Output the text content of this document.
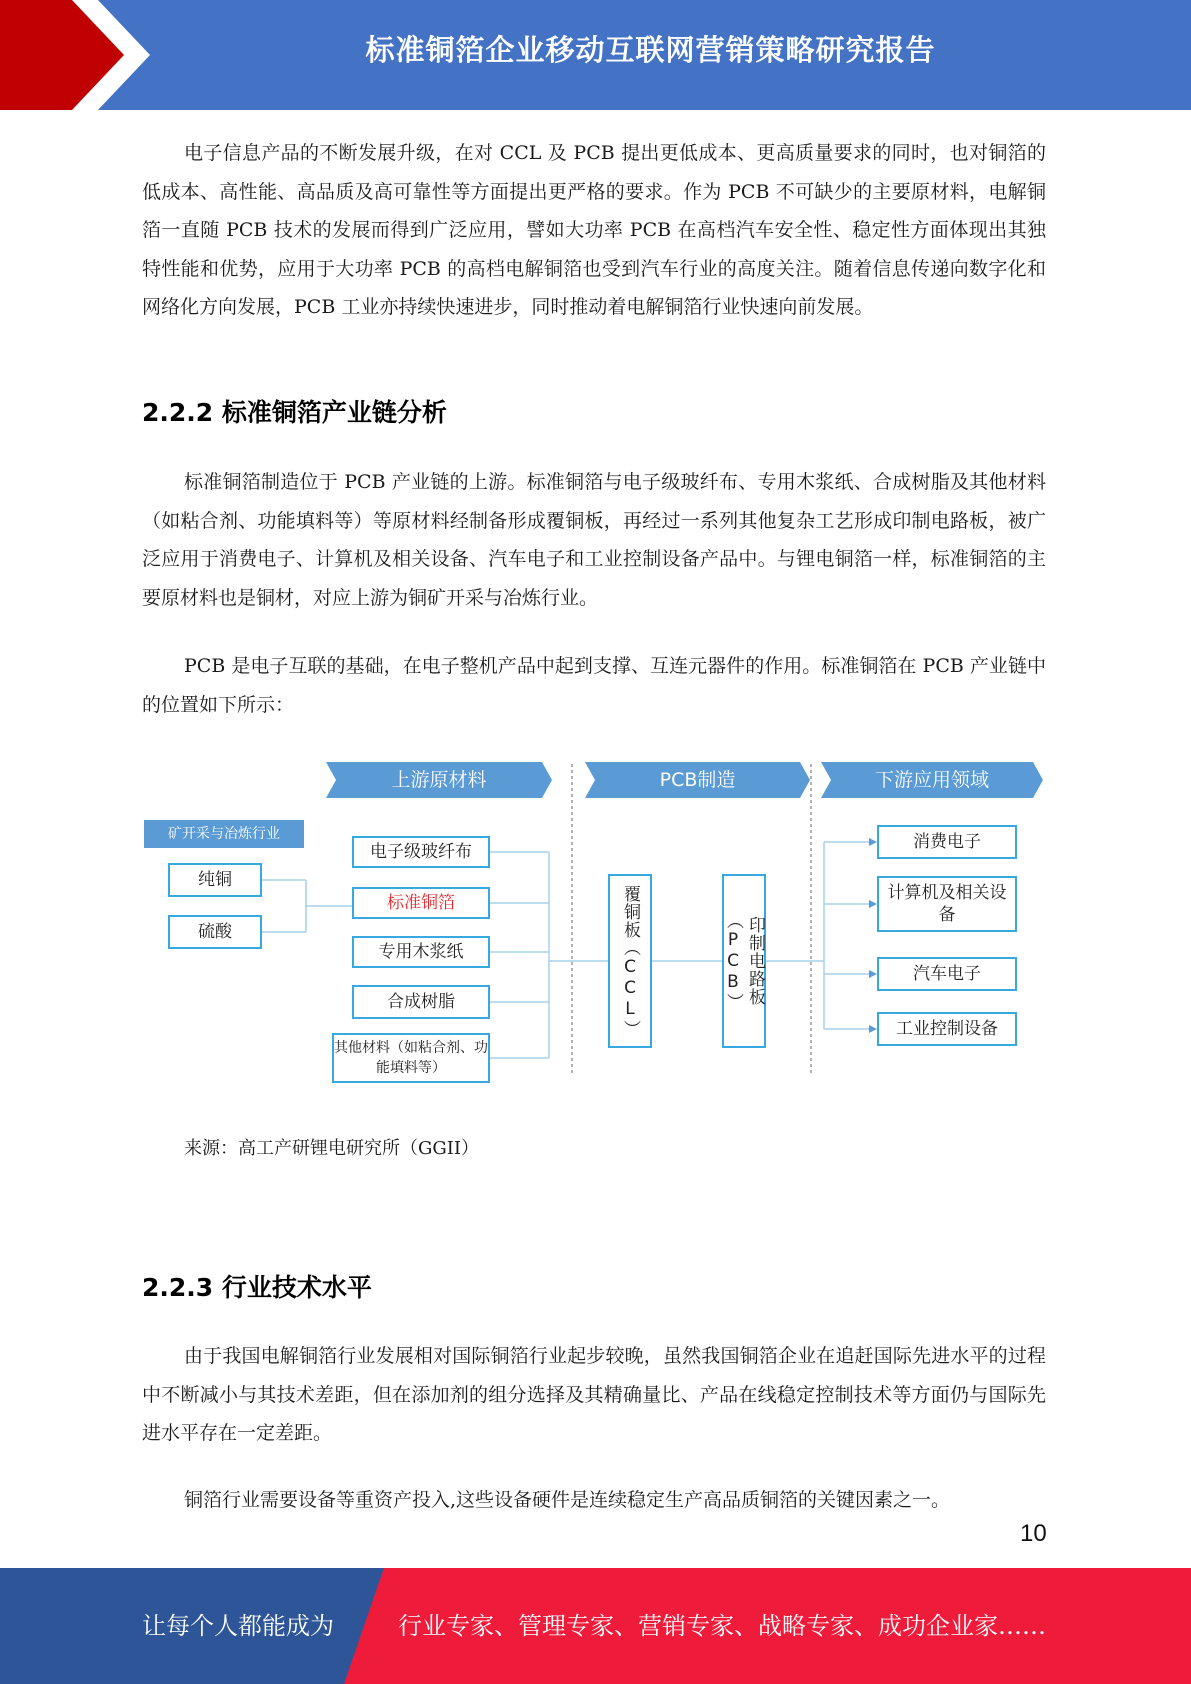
标准铜箔企业移动互联网营销策略研究报告

电子信息产品的不断发展升级，在对 CCL 及 PCB 提出更低成本、更高质量要求的同时，也对铜箔的低成本、高性能、高品质及高可靠性等方面提出更严格的要求。作为 PCB 不可缺少的主要原材料，电解铜箔一直随 PCB 技术的发展而得到广泛应用，譬如大功率 PCB 在高档汽车安全性、稳定性方面体现出其独特性能和优势，应用于大功率 PCB 的高档电解铜箔也受到汽车行业的高度关注。随着信息传递向数字化和网络化方向发展，PCB 工业亦持续快速进步，同时推动着电解铜箔行业快速向前发展。

2.2.2 标准铜箔产业链分析

标准铜箔制造位于 PCB 产业链的上游。标准铜箔与电子级玻纤布、专用木浆纸、合成树脂及其他材料（如粘合剂、功能填料等）等原材料经制备形成覆铜板，再经过一系列其他复杂工艺形成印制电路板，被广泛应用于消费电子、计算机及相关设备、汽车电子和工业控制设备产品中。与锂电铜箔一样，标准铜箔的主要原材料也是铜材，对应上游为铜矿开采与冶炼行业。

PCB 是电子互联的基础，在电子整机产品中起到支撑、互连元器件的作用。标准铜箔在 PCB 产业链中的位置如下所示：

上游原材料	PCB制造	下游应用领域
矿开采与冶炼行业
纯铜
硫酸
电子级玻纤布
标准铜箔
专用木浆纸
合成树脂
其他材料（如粘合剂、功能填料等）
覆铜板（CCL）	印制电路板（PCB）
消费电子
计算机及相关设备
汽车电子
工业控制设备
来源：高工产研锂电研究所（GGII）
2.2.3 行业技术水平

由于我国电解铜箔行业发展相对国际铜箔行业起步较晚，虽然我国铜箔企业在追赶国际先进水平的过程中不断减小与其技术差距，但在添加剂的组分选择及其精确量比、产品在线稳定控制技术等方面仍与国际先进水平存在一定差距。

铜箔行业需要设备等重资产投入,这些设备硬件是连续稳定生产高品质铜箔的关键因素之一。

10
让每个人都能成为	行业专家、管理专家、营销专家、战略专家、成功企业家……
